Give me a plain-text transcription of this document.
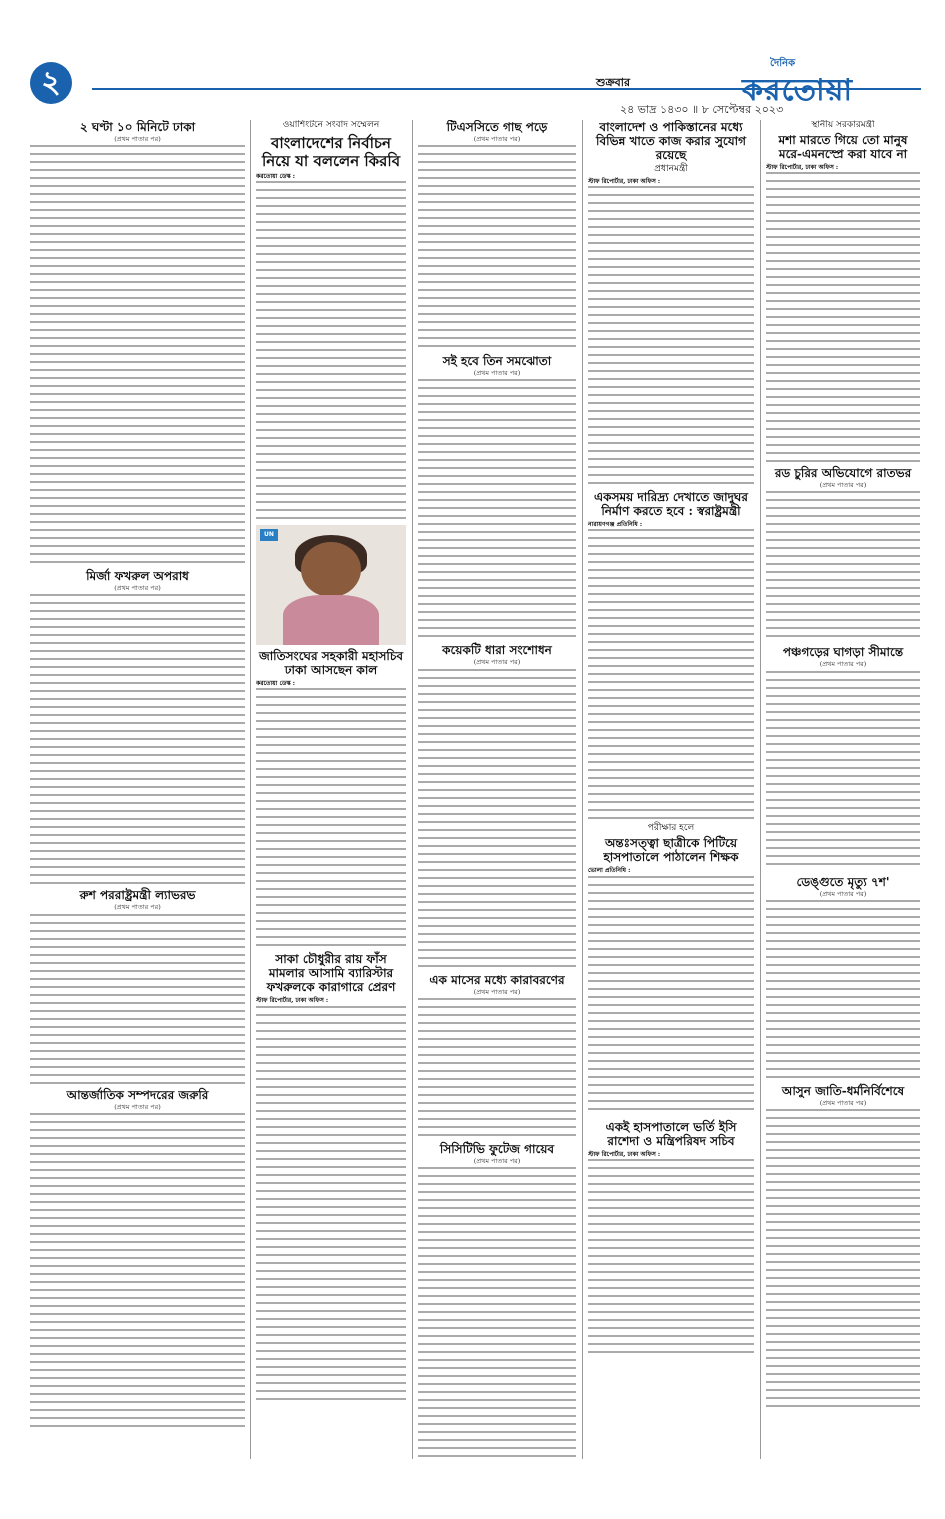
২	শুক্রবার
দৈনিক
করতোয়া
২৪ ভাদ্র ১৪৩০ ॥ ৮ সেপ্টেম্বর ২০২৩
২ ঘণ্টা ১০ মিনিটে ঢাকা
(প্রথম পাতার পর)
মির্জা ফখরুল অপরাধ
(প্রথম পাতার পর)
রুশ পররাষ্ট্রমন্ত্রী ল্যাভরভ
(প্রথম পাতার পর)
আন্তর্জাতিক সম্পদরের জরুরি
(প্রথম পাতার পর)
ওয়াশিংটনে সংবাদ সম্মেলন
বাংলাদেশের নির্বাচন নিয়ে যা বললেন কিরবি
করতোয়া ডেস্ক :
UN
জাতিসংঘের সহকারী মহাসচিব ঢাকা আসছেন কাল
করতোয়া ডেস্ক :
সাকা চৌধুরীর রায় ফাঁস মামলার আসামি ব্যারিস্টার ফখরুলকে কারাগারে প্রেরণ
স্টাফ রিপোর্টার, ঢাকা অফিস :
টিএসসিতে গাছ পড়ে
(প্রথম পাতার পর)
সই হবে তিন সমঝোতা
(প্রথম পাতার পর)
কয়েকটি ধারা সংশোধন
(প্রথম পাতার পর)
এক মাসের মধ্যে কারাবরণের
(প্রথম পাতার পর)
সিসিটিভি ফুটেজ গায়েব
(প্রথম পাতার পর)
বাংলাদেশ ও পাকিস্তানের মধ্যে বিভিন্ন খাতে কাজ করার সুযোগ রয়েছে
প্রধানমন্ত্রী
স্টাফ রিপোর্টার, ঢাকা অফিস :
একসময় দারিদ্র্য দেখাতে জাদুঘর নির্মাণ করতে হবে : স্বরাষ্ট্রমন্ত্রী
নারায়ণগঞ্জ প্রতিনিধি :
পরীক্ষার হলে
অন্তঃসত্ত্বা ছাত্রীকে পিটিয়ে হাসপাতালে পাঠালেন শিক্ষক
ভোলা প্রতিনিধি :
একই হাসপাতালে ভর্তি ইসি রাশেদা ও মন্ত্রিপরিষদ সচিব
স্টাফ রিপোর্টার, ঢাকা অফিস :
স্থানীয় সরকারমন্ত্রী
মশা মারতে গিয়ে তো মানুষ মরে-এমনস্প্রে করা যাবে না
স্টাফ রিপোর্টার, ঢাকা অফিস :
রড চুরির অভিযোগে রাতভর
(প্রথম পাতার পর)
পঞ্চগড়ের ঘাগড়া সীমান্তে
(প্রথম পাতার পর)
ডেঙ্গুতে মৃত্যু ৭শ'
(প্রথম পাতার পর)
আসুন জাতি-ধর্মনির্বিশেষে
(প্রথম পাতার পর)
